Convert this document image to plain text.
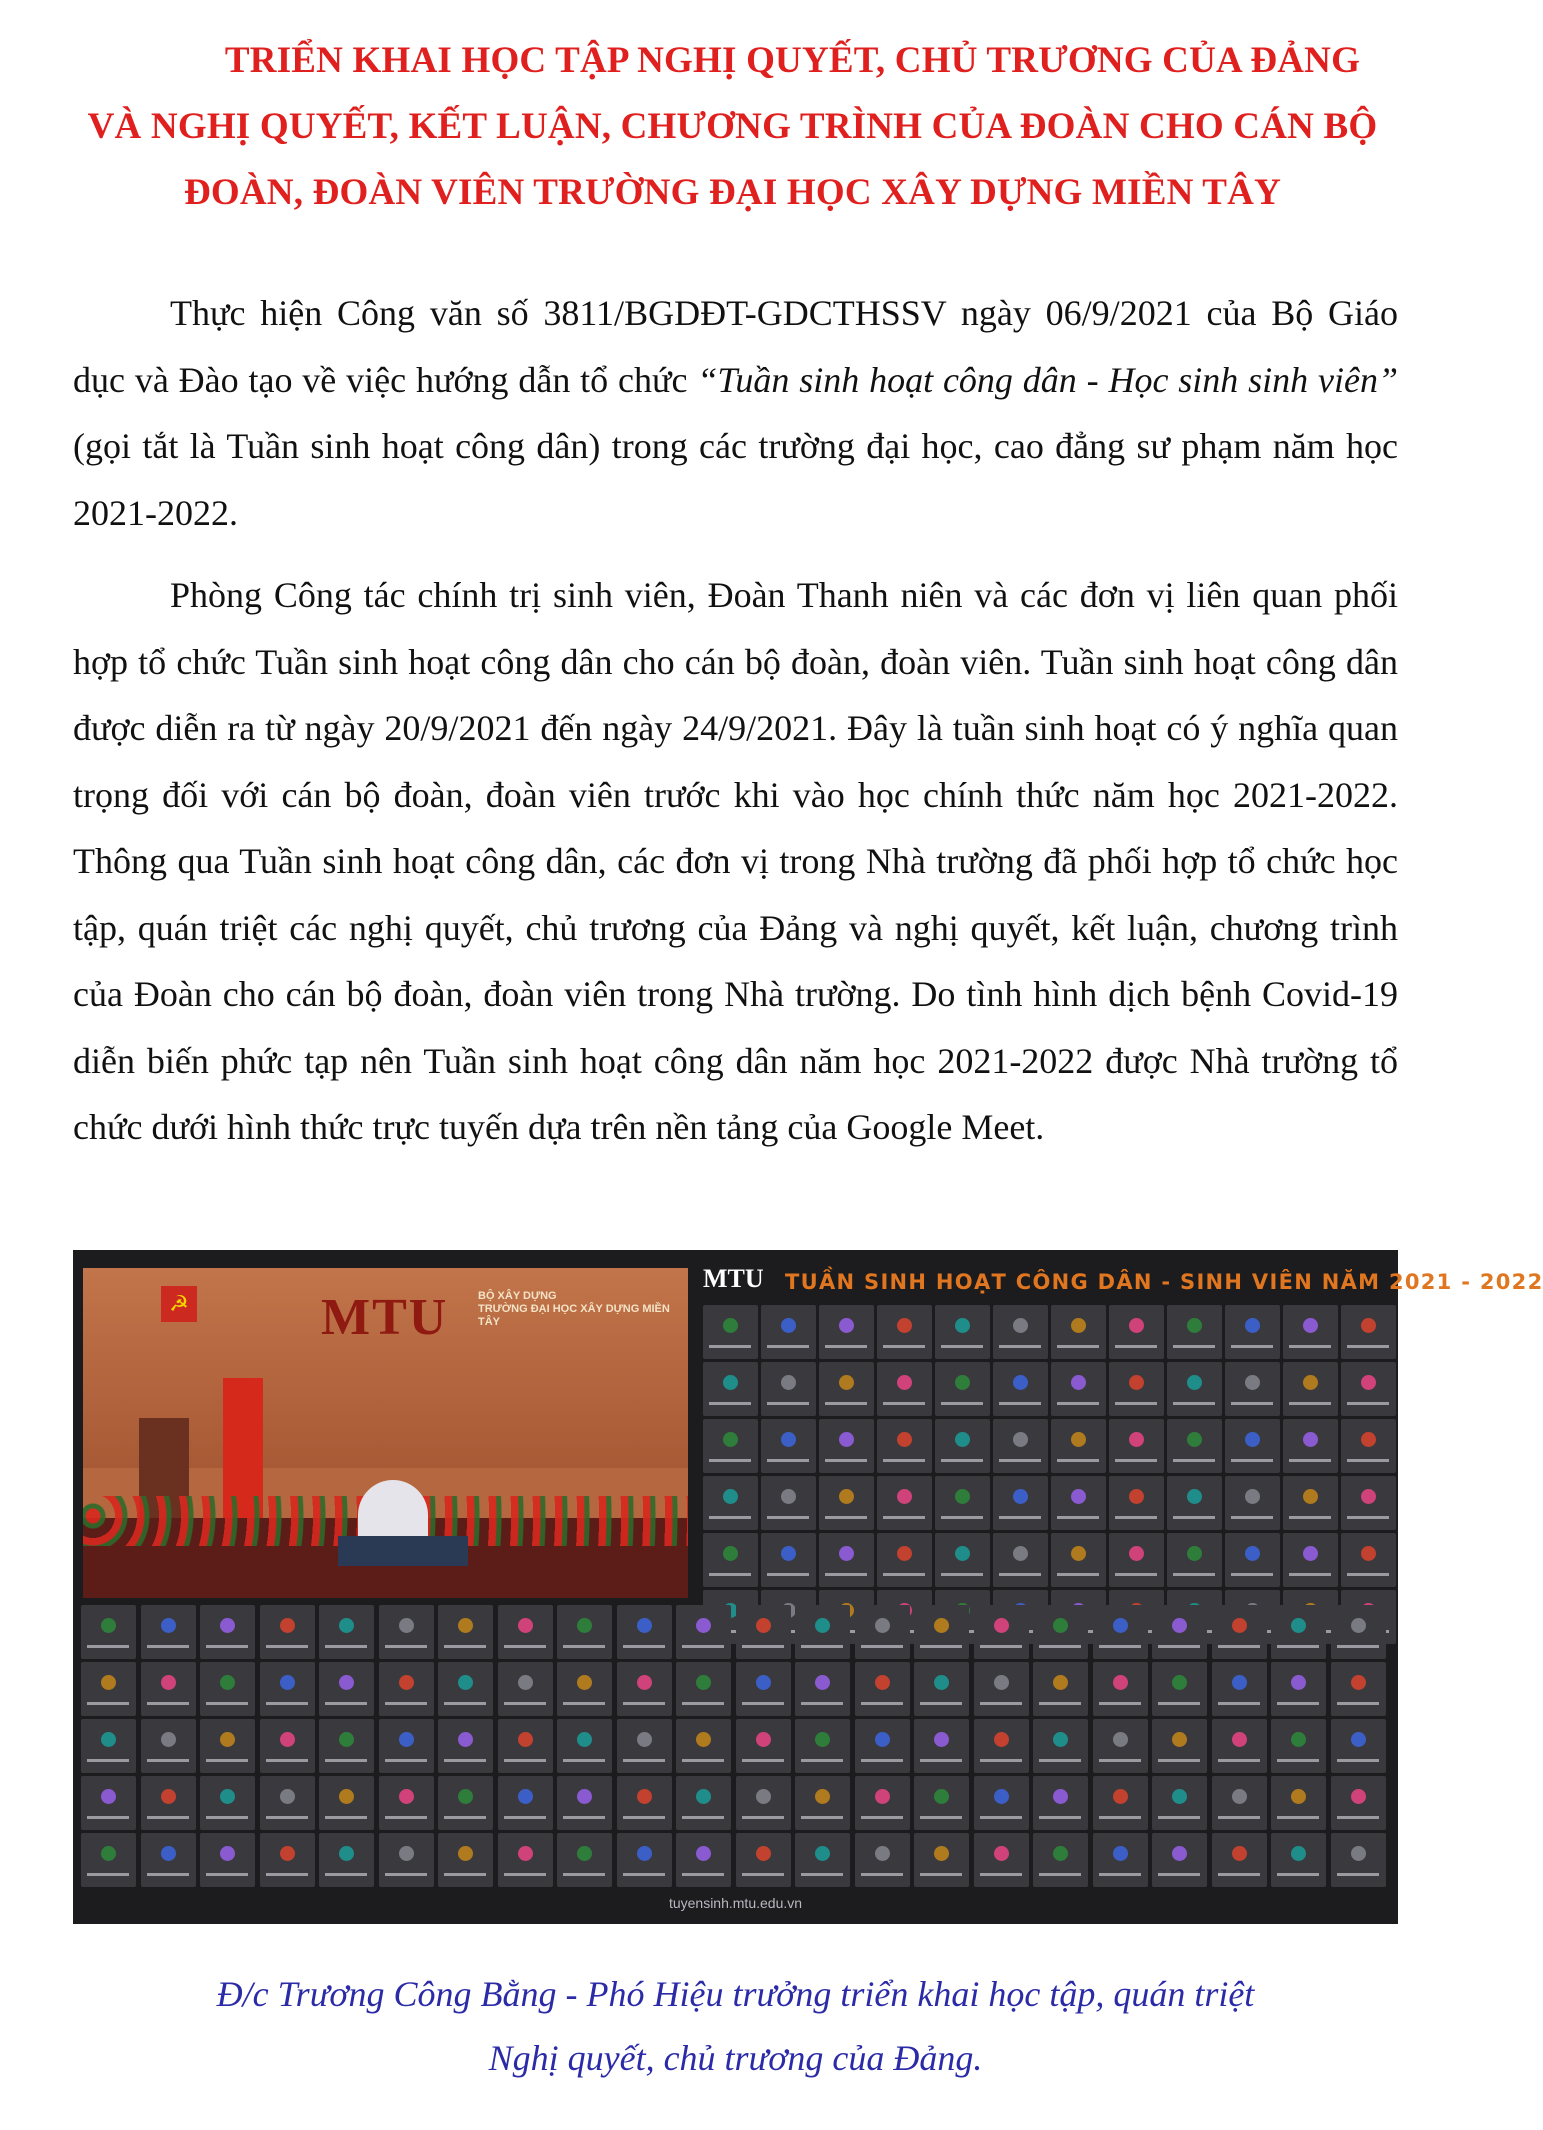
TRIỂN KHAI HỌC TẬP NGHỊ QUYẾT, CHỦ TRƯƠNG CỦA ĐẢNG
VÀ NGHỊ QUYẾT, KẾT LUẬN, CHƯƠNG TRÌNH CỦA ĐOÀN CHO CÁN BỘ
ĐOÀN, ĐOÀN VIÊN TRƯỜNG ĐẠI HỌC XÂY DỰNG MIỀN TÂY
Thực hiện Công văn số 3811/BGDĐT-GDCTHSSV ngày 06/9/2021 của Bộ Giáo dục và Đào tạo về việc hướng dẫn tổ chức “Tuần sinh hoạt công dân - Học sinh sinh viên” (gọi tắt là Tuần sinh hoạt công dân) trong các trường đại học, cao đẳng sư phạm năm học 2021-2022.
Phòng Công tác chính trị sinh viên, Đoàn Thanh niên và các đơn vị liên quan phối hợp tổ chức Tuần sinh hoạt công dân cho cán bộ đoàn, đoàn viên. Tuần sinh hoạt công dân được diễn ra từ ngày 20/9/2021 đến ngày 24/9/2021. Đây là tuần sinh hoạt có ý nghĩa quan trọng đối với cán bộ đoàn, đoàn viên trước khi vào học chính thức năm học 2021-2022. Thông qua Tuần sinh hoạt công dân, các đơn vị trong Nhà trường đã phối hợp tổ chức học tập, quán triệt các nghị quyết, chủ trương của Đảng và nghị quyết, kết luận, chương trình của Đoàn cho cán bộ đoàn, đoàn viên trong Nhà trường. Do tình hình dịch bệnh Covid-19 diễn biến phức tạp nên Tuần sinh hoạt công dân năm học 2021-2022 được Nhà trường tổ chức dưới hình thức trực tuyến dựa trên nền tảng của Google Meet.
☭	MTU	BỘ XÂY DỰNG
TRƯỜNG ĐẠI HỌC XÂY DỰNG MIỀN TÂY
MTU TUẦN SINH HOẠT CÔNG DÂN - SINH VIÊN NĂM 2021 - 2022
tuyensinh.mtu.edu.vn
Đ/c Trương Công Bằng - Phó Hiệu trưởng triển khai học tập, quán triệt
Nghị quyết, chủ trương của Đảng.
